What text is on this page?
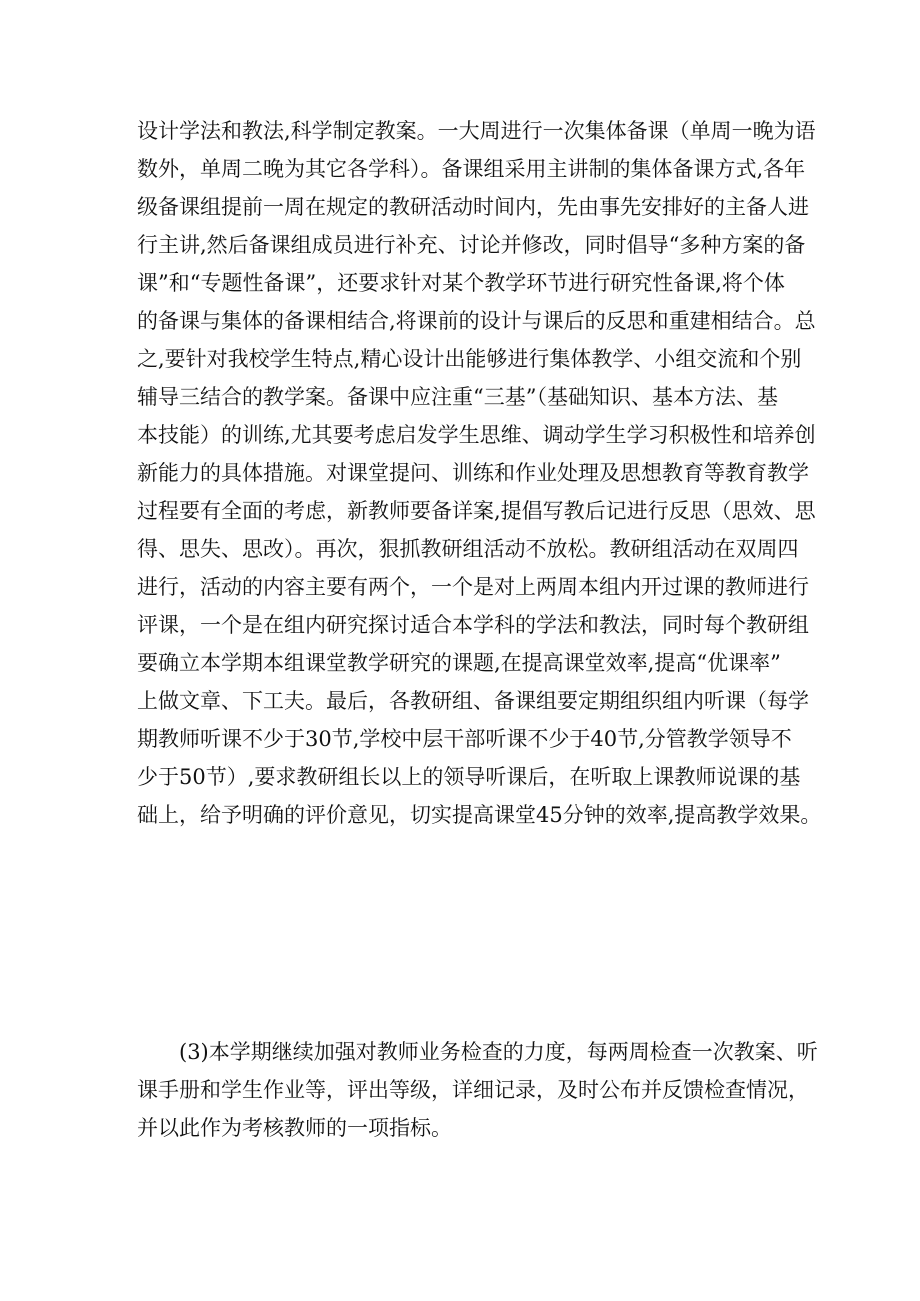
设计学法和教法,科学制定教案。一大周进行一次集体备课（单周一晚为语
数外，单周二晚为其它各学科）。备课组采用主讲制的集体备课方式,各年
级备课组提前一周在规定的教研活动时间内，先由事先安排好的主备人进
行主讲,然后备课组成员进行补充、讨论并修改，同时倡导“多种方案的备
课”和“专题性备课”，还要求针对某个教学环节进行研究性备课,将个体
的备课与集体的备课相结合,将课前的设计与课后的反思和重建相结合。总
之,要针对我校学生特点,精心设计出能够进行集体教学、小组交流和个别
辅导三结合的教学案。备课中应注重“三基”（基础知识、基本方法、基
本技能）的训练,尤其要考虑启发学生思维、调动学生学习积极性和培养创
新能力的具体措施。对课堂提问、训练和作业处理及思想教育等教育教学
过程要有全面的考虑，新教师要备详案,提倡写教后记进行反思（思效、思
得、思失、思改）。再次，狠抓教研组活动不放松。教研组活动在双周四
进行，活动的内容主要有两个，一个是对上两周本组内开过课的教师进行
评课，一个是在组内研究探讨适合本学科的学法和教法，同时每个教研组
要确立本学期本组课堂教学研究的课题,在提高课堂效率,提高“优课率”
上做文章、下工夫。最后，各教研组、备课组要定期组织组内听课（每学
期教师听课不少于30节,学校中层干部听课不少于40节,分管教学领导不
少于50节）,要求教研组长以上的领导听课后，在听取上课教师说课的基
础上，给予明确的评价意见，切实提高课堂45分钟的效率,提高教学效果。
(3)本学期继续加强对教师业务检查的力度，每两周检查一次教案、听
课手册和学生作业等，评出等级，详细记录，及时公布并反馈检查情况，
并以此作为考核教师的一项指标。
